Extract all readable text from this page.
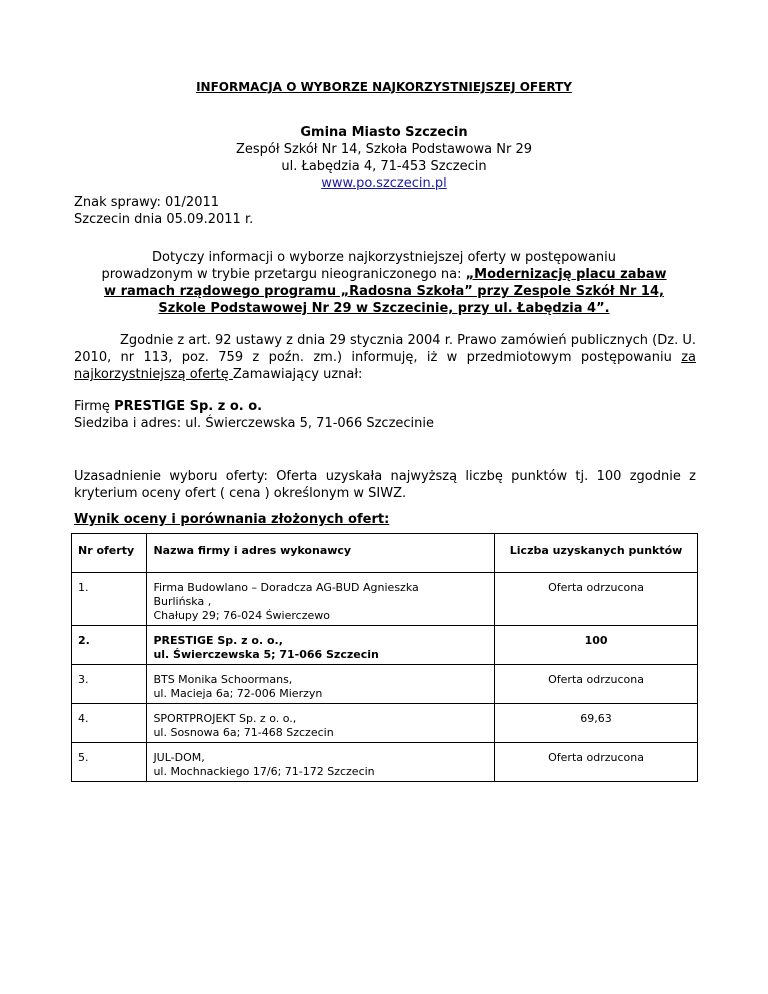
INFORMACJA O WYBORZE NAJKORZYSTNIEJSZEJ OFERTY
Gmina Miasto Szczecin
Zespół Szkół Nr 14, Szkoła Podstawowa Nr 29
ul. Łabędzia 4, 71-453 Szczecin
www.po.szczecin.pl
Znak sprawy: 01/2011
Szczecin dnia 05.09.2011 r.
Dotyczy informacji o wyborze najkorzystniejszej oferty w postępowaniu
prowadzonym w trybie przetargu nieograniczonego na: „Modernizację placu zabaw
w ramach rządowego programu „Radosna Szkoła” przy Zespole Szkół Nr 14,
Szkole Podstawowej Nr 29 w Szczecinie, przy ul. Łabędzia 4”.
Zgodnie z art. 92 ustawy z dnia 29 stycznia 2004 r. Prawo zamówień publicznych (Dz. U. 2010, nr 113, poz. 759 z poźn. zm.) informuję, iż w przedmiotowym postępowaniu za najkorzystniejszą ofertę Zamawiający uznał:
Firmę PRESTIGE Sp. z o. o.
Siedziba i adres: ul. Świerczewska 5, 71-066 Szczecinie
Uzasadnienie wyboru oferty: Oferta uzyskała najwyższą liczbę punktów tj. 100 zgodnie z kryterium oceny ofert ( cena ) określonym w SIWZ.
Wynik oceny i porównania złożonych ofert:
Nr oferty	Nazwa firmy i adres wykonawcy	Liczba uzyskanych punktów
1.	Firma Budowlano – Doradcza AG-BUD Agnieszka
Burlińska ,
Chałupy 29; 76-024 Świerczewo	Oferta odrzucona
2.	PRESTIGE Sp. z o. o.,
ul. Świerczewska 5; 71-066 Szczecin	100
3.	BTS Monika Schoormans,
ul. Macieja 6a; 72-006 Mierzyn	Oferta odrzucona
4.	SPORTPROJEKT Sp. z o. o.,
ul. Sosnowa 6a; 71-468 Szczecin	69,63
5.	JUL-DOM,
ul. Mochnackiego 17/6; 71-172 Szczecin	Oferta odrzucona
